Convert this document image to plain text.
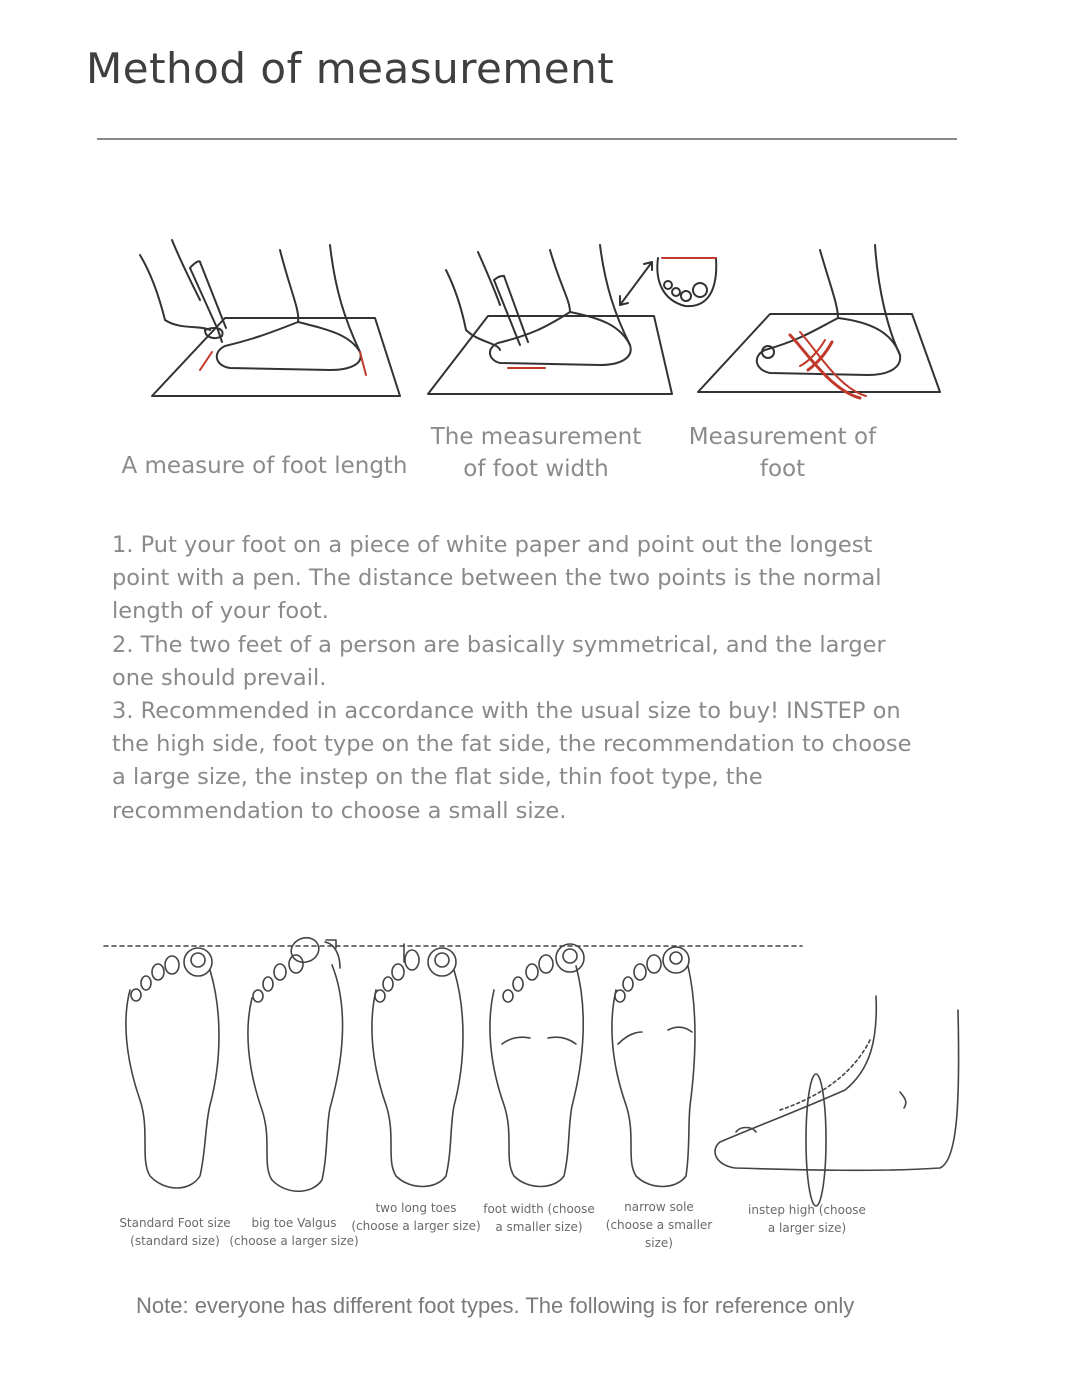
Method of measurement
A measure of foot length
The measurement of foot width
Measurement of foot

1. Put your foot on a piece of white paper and point out the longest point with a pen. The distance between the two points is the normal length of your foot.

2. The two feet of a person are basically symmetrical, and the larger one should prevail.

3. Recommended in accordance with the usual size to buy! INSTEP on the high side, foot type on the fat side, the recommendation to choose a large size, the instep on the flat side, thin foot type, the recommendation to choose a small size.

Standard Foot size (standard size)
big toe Valgus (choose a larger size)
two long toes (choose a larger size)
foot width (choose a smaller size)
narrow sole (choose a smaller size)
instep high (choose a larger size)
Note: everyone has different foot types. The following is for reference only
